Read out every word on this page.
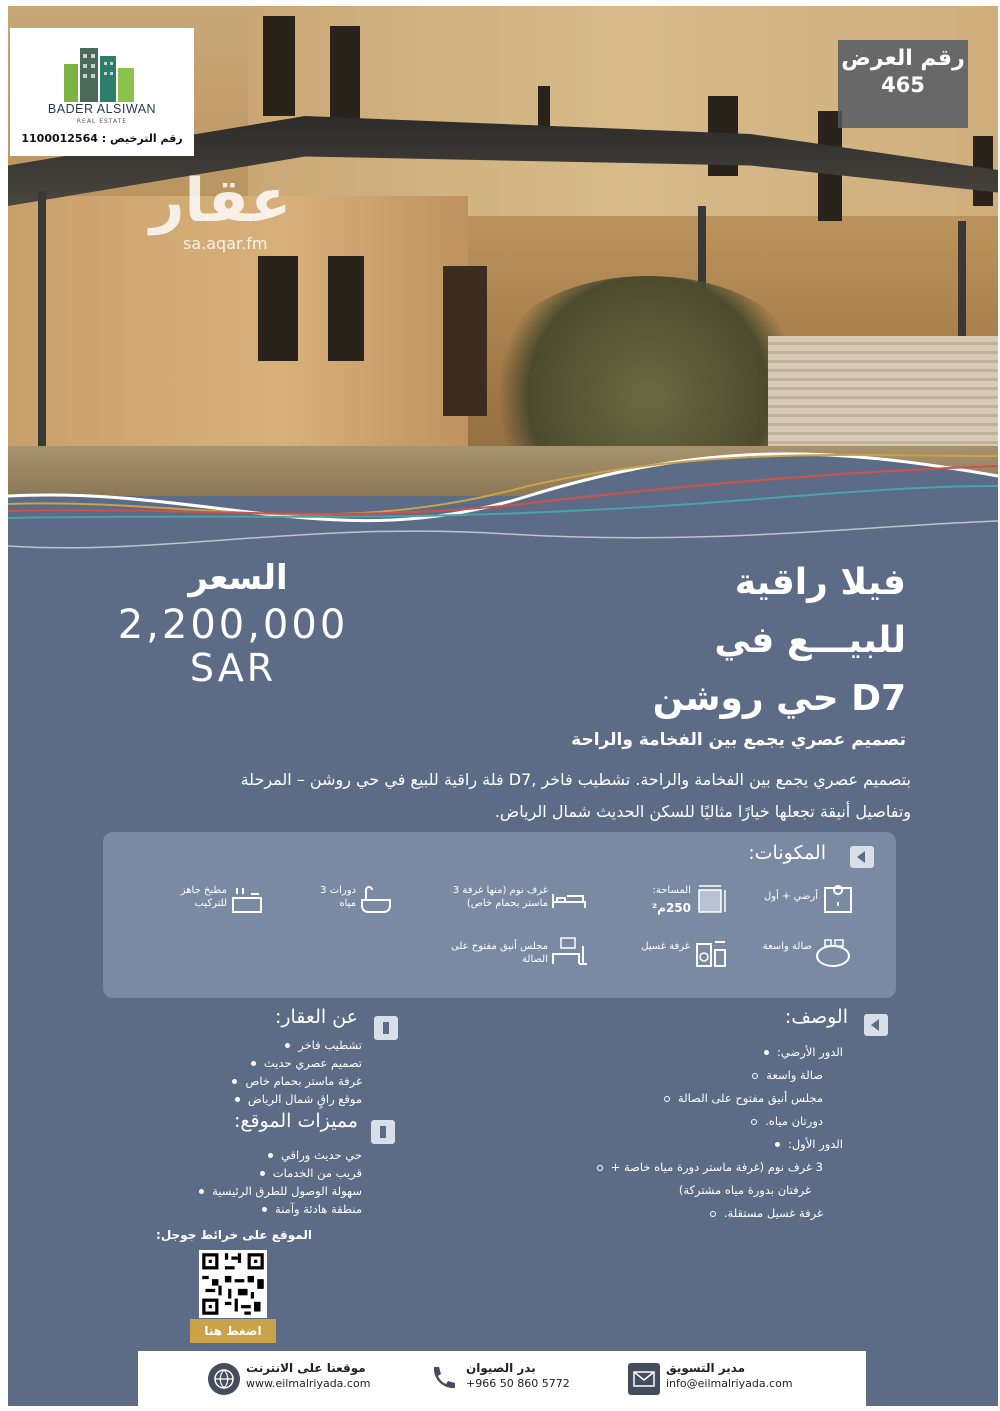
BADER ALSIWAN
REAL ESTATE
رقم الترخيص : 1100012564
عقار
sa.aqar.fm
رقم العرض
465
فيلا راقية
للبيـــع في
D7 حي روشن
تصميم عصري يجمع بين الفخامة والراحة
السعر
2,200,000
SAR
بتصميم عصري يجمع بين الفخامة والراحة. تشطيب فاخر ,D7 فلة راقية للبيع في حي روشن – المرحلة
وتفاصيل أنيقة تجعلها خيارًا مثاليًا للسكن الحديث شمال الرياض.
المكونات:
أرضي + أول
المساحة:
250م²
غرف نوم (منها غرفة 3 ماستر بحمام خاص)
دورات 3 مياه
مطبخ جاهز للتركيب
صالة واسعة
غرفة غسيل
مجلس أنيق مفتوح على الصالة
الوصف:
الدور الأرضي:
صالة واسعة
مجلس أنيق مفتوح على الصالة
دورتان مياه.
الدور الأول:
3 غرف نوم (غرفة ماستر دورة مياه خاصة +
غرفتان بدورة مياه مشتركة)
غرفة غسيل مستقلة.
عن العقار:
تشطيب فاخر
تصميم عصري حديث
غرفة ماستر بحمام خاص
موقع راقٍ شمال الرياض
مميزات الموقع:
حي حديث وراقي
قريب من الخدمات
سهولة الوصول للطرق الرئيسية
منطقة هادئة وآمنة
الموقع على خرائط جوجل:
اضغط هنا
موقعنا على الانترنت
www.eilmalriyada.com
بدر الصيوان
+966 50 860 5772
مدير التسويق
info@eilmalriyada.com
